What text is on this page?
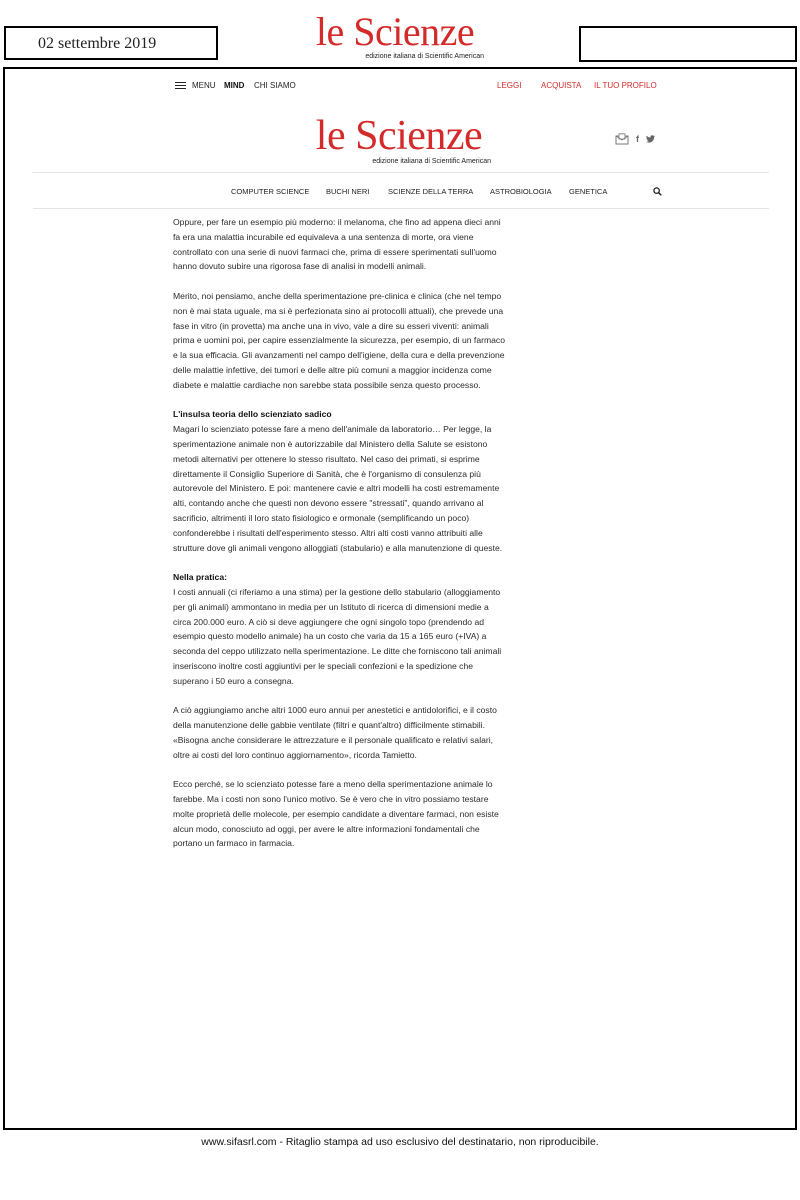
02 settembre 2019	le Scienze
edizione italiana di Scientific American
MENU MIND CHI SIAMO	LEGGI ACQUISTA IL TUO PROFILO
le Scienze
edizione italiana di Scientific American
f
COMPUTER SCIENCE BUCHI NERI SCIENZE DELLA TERRA ASTROBIOLOGIA GENETICA

Oppure, per fare un esempio più moderno: il melanoma, che fino ad appena dieci anni fa era una malattia incurabile ed equivaleva a una sentenza di morte, ora viene controllato con una serie di nuovi farmaci che, prima di essere sperimentati sull'uomo hanno dovuto subire una rigorosa fase di analisi in modelli animali.

Merito, noi pensiamo, anche della sperimentazione pre-clinica e clinica (che nel tempo non è mai stata uguale, ma si è perfezionata sino ai protocolli attuali), che prevede una fase in vitro (in provetta) ma anche una in vivo, vale a dire su esseri viventi: animali prima e uomini poi, per capire essenzialmente la sicurezza, per esempio, di un farmaco e la sua efficacia. Gli avanzamenti nel campo dell'igiene, della cura e della prevenzione delle malattie infettive, dei tumori e delle altre più comuni a maggior incidenza come diabete e malattie cardiache non sarebbe stata possibile senza questo processo.

L'insulsa teoria dello scienziato sadico

Magari lo scienziato potesse fare a meno dell'animale da laboratorio… Per legge, la sperimentazione animale non è autorizzabile dal Ministero della Salute se esistono metodi alternativi per ottenere lo stesso risultato. Nel caso dei primati, si esprime direttamente il Consiglio Superiore di Sanità, che è l'organismo di consulenza più autorevole del Ministero. E poi: mantenere cavie e altri modelli ha costi estremamente alti, contando anche che questi non devono essere "stressati", quando arrivano al sacrificio, altrimenti il loro stato fisiologico e ormonale (semplificando un poco) confonderebbe i risultati dell'esperimento stesso. Altri alti costi vanno attribuiti alle strutture dove gli animali vengono alloggiati (stabulario) e alla manutenzione di queste.

Nella pratica:

I costi annuali (ci riferiamo a una stima) per la gestione dello stabulario (alloggiamento per gli animali) ammontano in media per un Istituto di ricerca di dimensioni medie a circa 200.000 euro. A ciò si deve aggiungere che ogni singolo topo (prendendo ad esempio questo modello animale) ha un costo che varia da 15 a 165 euro (+IVA) a seconda del ceppo utilizzato nella sperimentazione. Le ditte che forniscono tali animali inseriscono inoltre costi aggiuntivi per le speciali confezioni e la spedizione che superano i 50 euro a consegna.

A ciò aggiungiamo anche altri 1000 euro annui per anestetici e antidolorifici, e il costo della manutenzione delle gabbie ventilate (filtri e quant'altro) difficilmente stimabili. «Bisogna anche considerare le attrezzature e il personale qualificato e relativi salari, oltre ai costi del loro continuo aggiornamento», ricorda Tamietto.

Ecco perché, se lo scienziato potesse fare a meno della sperimentazione animale lo farebbe. Ma i costi non sono l'unico motivo. Se è vero che in vitro possiamo testare molte proprietà delle molecole, per esempio candidate a diventare farmaci, non esiste alcun modo, conosciuto ad oggi, per avere le altre informazioni fondamentali che portano un farmaco in farmacia.

www.sifasrl.com - Ritaglio stampa ad uso esclusivo del destinatario, non riproducibile.
